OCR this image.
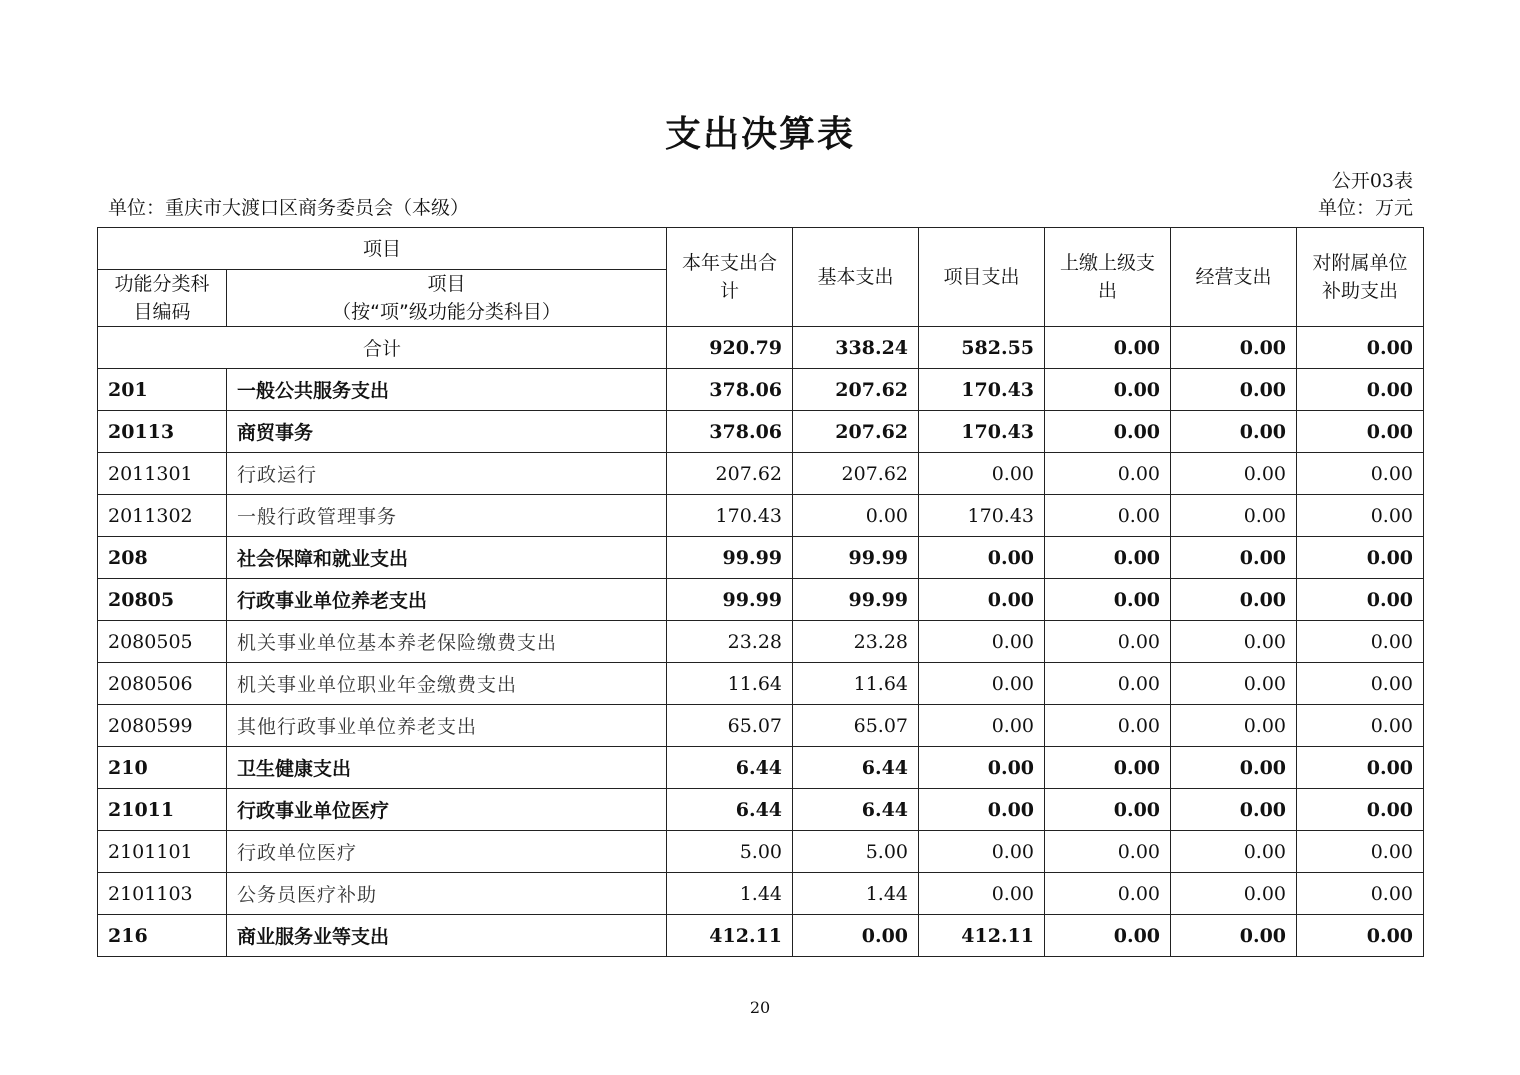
支出决算表
公开03表
单位：重庆市大渡口区商务委员会（本级）	单位：万元
项目		本年支出合计	基本支出	项目支出	上缴上级支出	经营支出	对附属单位补助支出
功能分类科目编码	项目
（按“项”级功能分类科目）						

合计		920.79	338.24	582.55	0.00	0.00	0.00
201	一般公共服务支出	378.06	207.62	170.43	0.00	0.00	0.00
20113	商贸事务	378.06	207.62	170.43	0.00	0.00	0.00
2011301	行政运行	207.62	207.62	0.00	0.00	0.00	0.00
2011302	一般行政管理事务	170.43	0.00	170.43	0.00	0.00	0.00
208	社会保障和就业支出	99.99	99.99	0.00	0.00	0.00	0.00
20805	行政事业单位养老支出	99.99	99.99	0.00	0.00	0.00	0.00
2080505	机关事业单位基本养老保险缴费支出	23.28	23.28	0.00	0.00	0.00	0.00
2080506	机关事业单位职业年金缴费支出	11.64	11.64	0.00	0.00	0.00	0.00
2080599	其他行政事业单位养老支出	65.07	65.07	0.00	0.00	0.00	0.00
210	卫生健康支出	6.44	6.44	0.00	0.00	0.00	0.00
21011	行政事业单位医疗	6.44	6.44	0.00	0.00	0.00	0.00
2101101	行政单位医疗	5.00	5.00	0.00	0.00	0.00	0.00
2101103	公务员医疗补助	1.44	1.44	0.00	0.00	0.00	0.00
216	商业服务业等支出	412.11	0.00	412.11	0.00	0.00	0.00
20
